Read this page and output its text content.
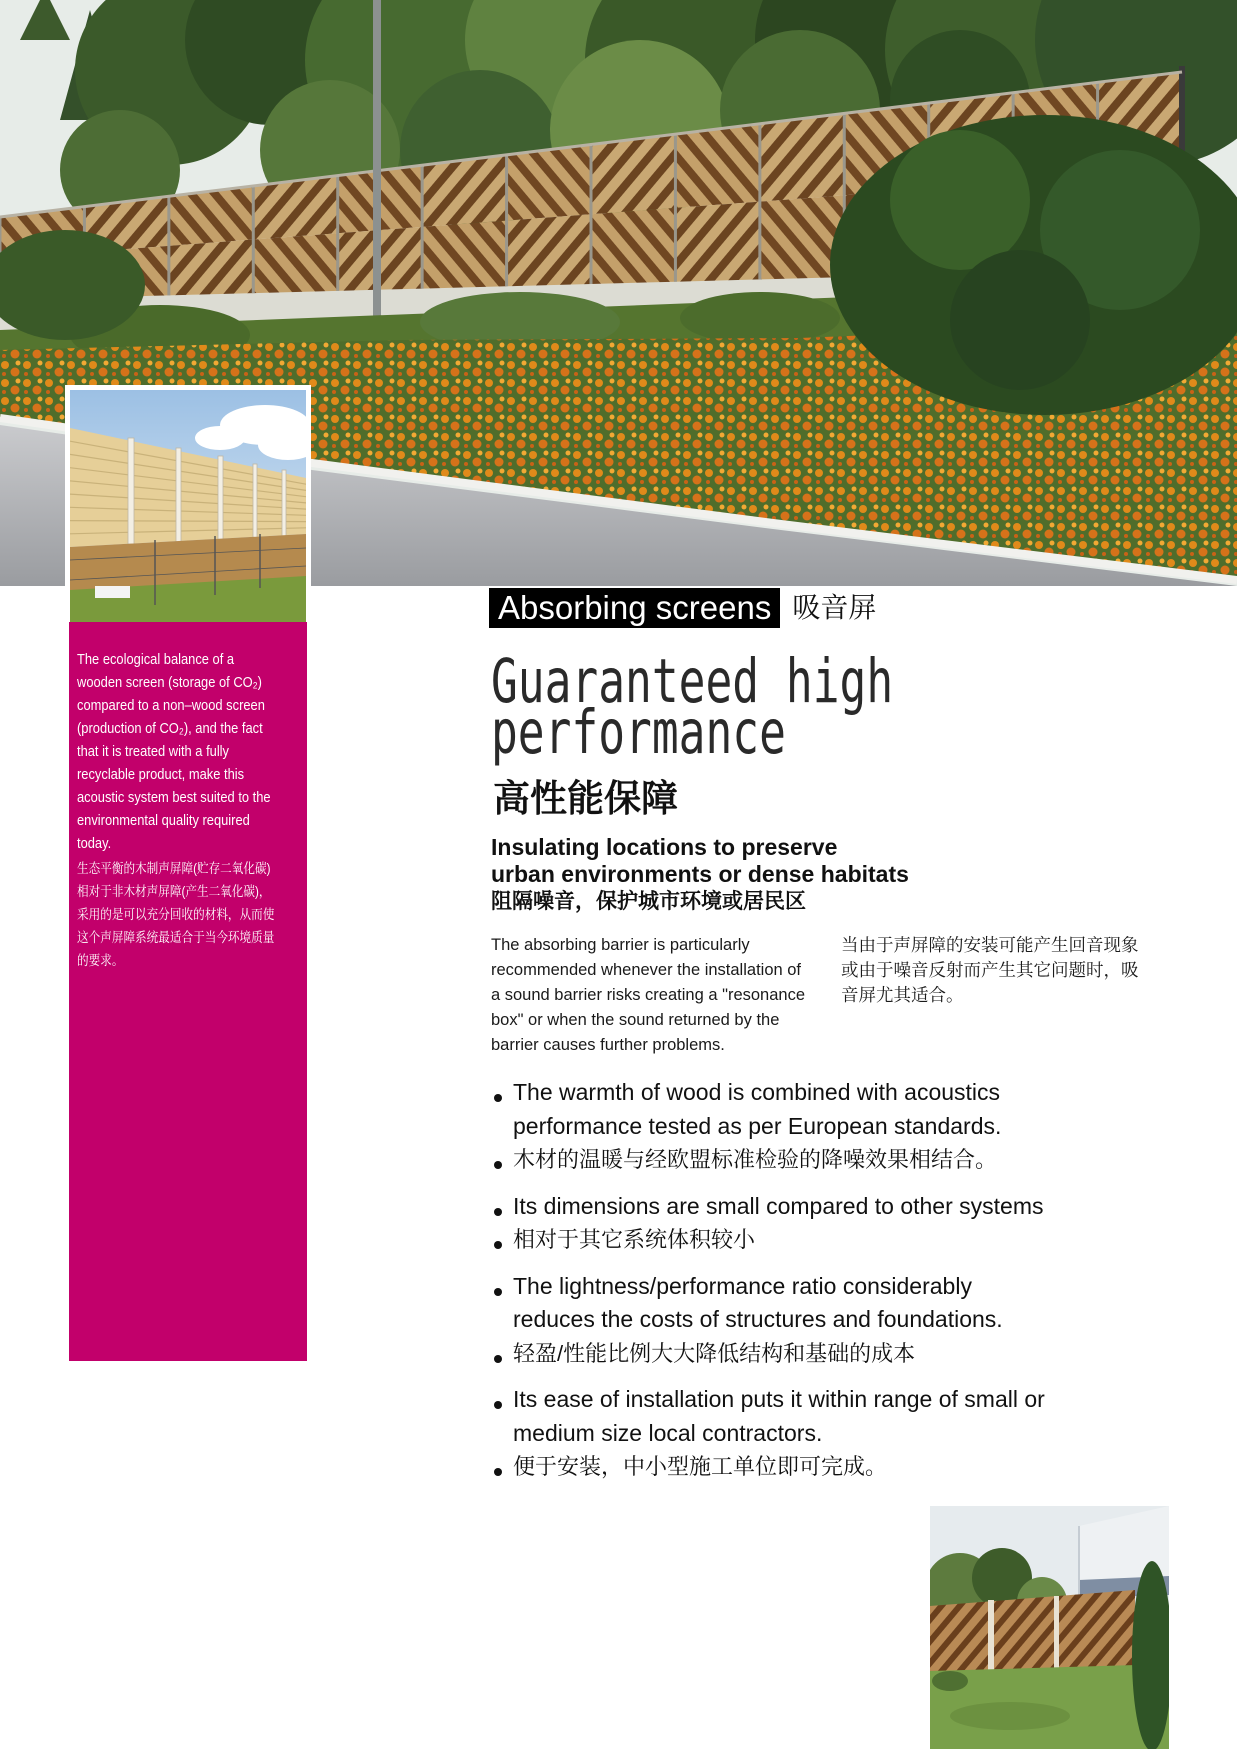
The ecological balance of a
wooden screen (storage of CO₂)
compared to a non–wood screen
(production of CO₂), and the fact
that it is treated with a fully
recyclable product, make this
acoustic system best suited to the
environmental quality required
today.
生态平衡的木制声屏障(贮存二氧化碳)
相对于非木材声屏障(产生二氧化碳)，
采用的是可以充分回收的材料，从而使
这个声屏障系统最适合于当今环境质量
的要求。
Absorbing screens 吸音屏
Guaranteed high
performance
高性能保障
Insulating locations to preserve
urban environments or dense habitats
阻隔噪音，保护城市环境或居民区
The absorbing barrier is particularly
recommended whenever the installation of
a sound barrier risks creating a "resonance
box" or when the sound returned by the
barrier causes further problems.
当由于声屏障的安装可能产生回音现象
或由于噪音反射而产生其它问题时，吸
音屏尤其适合。
The warmth of wood is combined with acoustics
performance tested as per European standards.
木材的温暖与经欧盟标准检验的降噪效果相结合。
Its dimensions are small compared to other systems
相对于其它系统体积较小
The lightness/performance ratio considerably
reduces the costs of structures and foundations.
轻盈/性能比例大大降低结构和基础的成本
Its ease of installation puts it within range of small or
medium size local contractors.
便于安装，中小型施工单位即可完成。
